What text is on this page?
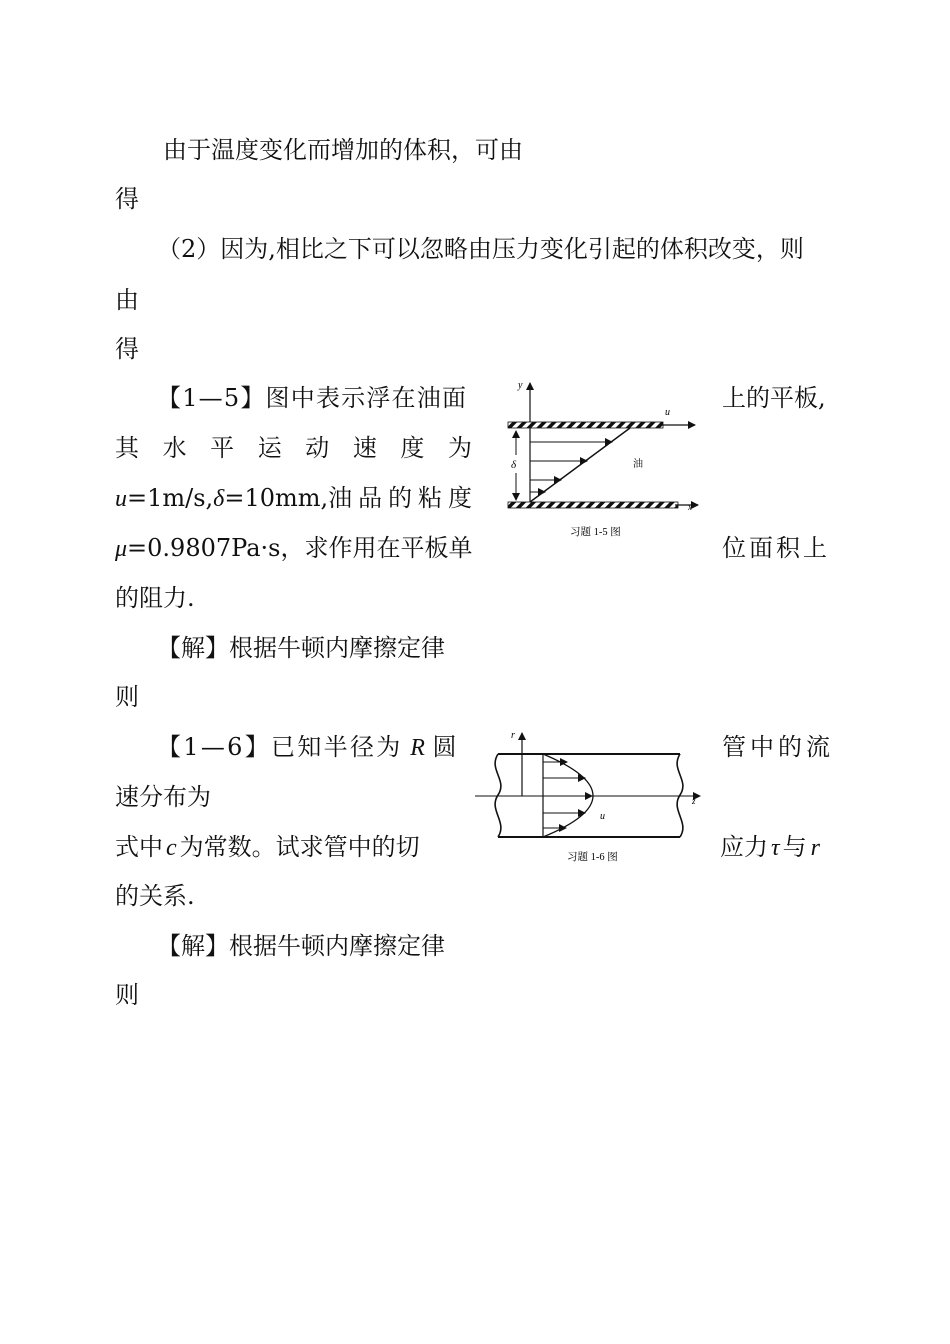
由于温度变化而增加的体积，可由
得
（2）因为,相比之下可以忽略由压力变化引起的体积改变，则
由
得
【1—5】图中表示浮在油面	上的平板,
其 水 平 运 动 速 度 为
u=1m/s,δ=10mm, 油 品 的 粘 度
μ=0.9807Pa·s，求作用在平板单	位面积上
的阻力.
【解】根据牛顿内摩擦定律
则
【1—6】已知半径为 R 圆	管中的流
速分布为
式中 c 为常数。试求管中的切	应力 τ 与 r
的关系.
【解】根据牛顿内摩擦定律
则
y
u
x
δ	油
习题 1-5 图
z
r
u
习题 1-6 图
